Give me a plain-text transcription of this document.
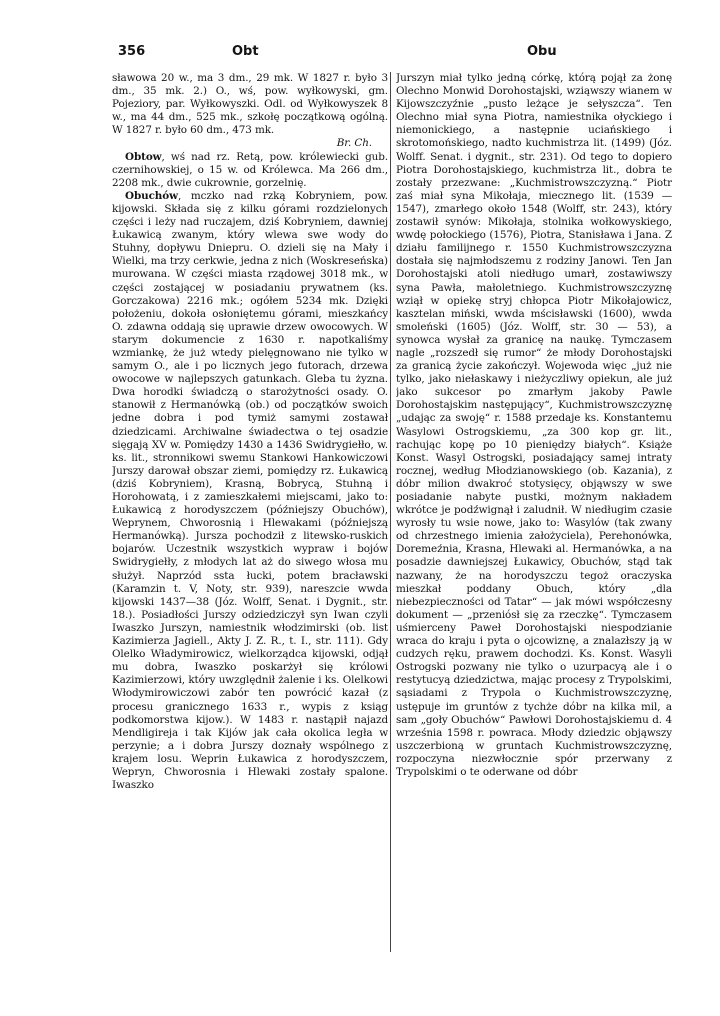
356	Obt	Obu

sławowa 20 w., ma 3 dm., 29 mk. W 1827 r. było 3 dm., 35 mk. 2.) O., wś, pow. wyłkowyski, gm. Pojeziory, par. Wyłkowyszki. Odl. od Wyłkowyszek 8 w., ma 44 dm., 525 mk., szkołę początkową ogólną. W 1827 r. było 60 dm., 473 mk.
Br. Ch.

Obtow, wś nad rz. Retą, pow. królewiecki gub. czernihowskiej, o 15 w. od Królewca. Ma 266 dm., 2208 mk., dwie cukrownie, gorzelnię.

Obuchów, mczko nad rzką Kobryniem, pow. kijowski. Składa się z kilku górami rozdzielonych części i leży nad ruczajem, dziś Kobryniem, dawniej Łukawicą zwanym, który wlewa swe wody do Stuhny, dopływu Dniepru. O. dzieli się na Mały i Wielki, ma trzy cerkwie, jedna z nich (Woskreseńska) murowana. W części miasta rządowej 3018 mk., w części zostającej w posiadaniu prywatnem (ks. Gorczakowa) 2216 mk.; ogółem 5234 mk. Dzięki położeniu, dokoła osłoniętemu górami, mieszkańcy O. zdawna oddają się uprawie drzew owocowych. W starym dokumencie z 1630 r. napotkaliśmy wzmiankę, że już wtedy pielęgnowano nie tylko w samym O., ale i po licznych jego futorach, drzewa owocowe w najlepszych gatunkach. Gleba tu żyzna. Dwa horodki świadczą o starożytności osady. O. stanowił z Hermanówką (ob.) od początków swoich jedne dobra i pod tymiż samymi zostawał dziedzicami. Archiwalne świadectwa o tej osadzie sięgają XV w. Pomiędzy 1430 a 1436 Swidrygiełło, w. ks. lit., stronnikowi swemu Stankowi Hankowiczowi Jurszy darował obszar ziemi, pomiędzy rz. Łukawicą (dziś Kobryniem), Krasną, Bobrycą, Stuhną i Horohowatą, i z zamieszkałemi miejscami, jako to: Łukawicą z horodyszczem (późniejszy Obuchów), Weprynem, Chworosnią i Hlewakami (późniejszą Hermanówką). Jursza pochodził z litewsko-ruskich bojarów. Uczestnik wszystkich wypraw i bojów Swidrygiełły, z młodych lat aż do siwego włosa mu służył. Naprzód ssta łucki, potem bracławski (Karamzin t. V, Noty, str. 939), nareszcie wwda kijowski 1437—38 (Józ. Wolff, Senat. i Dygnit., str. 18.). Posiadłości Jurszy odziedziczył syn Iwan czyli Iwaszko Jurszyn, namiestnik włodzimirski (ob. list Kazimierza Jagiell., Akty J. Z. R., t. I., str. 111). Gdy Olelko Władymirowicz, wielkorządca kijowski, odjął mu dobra, Iwaszko poskarżył się królowi Kazimierzowi, który uwzględnił żalenie i ks. Olelkowi Włodymirowiczowi zabór ten powrócić kazał (z procesu granicznego 1633 r., wypis z ksiąg podkomorstwa kijow.). W 1483 r. nastąpił najazd Mendligireja i tak Kijów jak cała okolica legła w perzynie; a i dobra Jurszy doznały wspólnego z krajem losu. Weprin Łukawica z horodyszczem, Wepryn, Chworosnia i Hlewaki zostały spalone. Iwaszko

Jurszyn miał tylko jedną córkę, którą pojął za żonę Olechno Monwid Dorohostajski, wziąwszy wianem w Kijowszczyźnie „pusto leżące je sełyszcza“. Ten Olechno miał syna Piotra, namiestnika ołyckiego i niemonickiego, a następnie uciańskiego i skrotomońskiego, nadto kuchmistrza lit. (1499) (Józ. Wolff. Senat. i dygnit., str. 231). Od tego to dopiero Piotra Dorohostajskiego, kuchmistrza lit., dobra te zostały przezwane: „Kuchmistrowszczyzną.“ Piotr zaś miał syna Mikołaja, miecznego lit. (1539 — 1547), zmarłego około 1548 (Wolff, str. 243), który zostawił synów: Mikołaja, stolnika wołkowyskiego, wwdę połockiego (1576), Piotra, Stanisława i Jana. Z działu familijnego r. 1550 Kuchmistrowszczyzna dostała się najmłodszemu z rodziny Janowi. Ten Jan Dorohostajski atoli niedługo umarł, zostawiwszy syna Pawła, małoletniego. Kuchmistrowszczyznę wziął w opiekę stryj chłopca Piotr Mikołajowicz, kasztelan miński, wwda mścisławski (1600), wwda smoleński (1605) (Józ. Wolff, str. 30 — 53), a synowca wysłał za granicę na naukę. Tymczasem nagle „rozszedł się rumor“ że młody Dorohostajski za granicą życie zakończył. Wojewoda więc „już nie tylko, jako niełaskawy i nieżyczliwy opiekun, ale już jako sukcesor po zmarłym jakoby Pawle Dorohostajskim następujący“, Kuchmistrowszczyznę „udając za swoję“ r. 1588 przedaje ks. Konstantemu Wasylowi Ostrogskiemu, „za 300 kop gr. lit., rachując kopę po 10 pieniędzy białych“. Książe Konst. Wasyl Ostrogski, posiadający samej intraty rocznej, według Młodzianowskiego (ob. Kazania), z dóbr milion dwakroć stotysięcy, objąwszy w swe posiadanie nabyte pustki, możnym nakładem wkrótce je podźwignął i zaludnił. W niedługim czasie wyrosły tu wsie nowe, jako to: Wasylów (tak zwany od chrzestnego imienia założyciela), Perehonówka, Doremeźnia, Krasna, Hlewaki al. Hermanówka, a na posadzie dawniejszej Łukawicy, Obuchów, stąd tak nazwany, że na horodyszczu tegoż oraczyska mieszkał poddany Obuch, który „dla niebezpieczności od Tatar“ — jak mówi współczesny dokument — „przeniósł się za rzeczkę“. Tymczasem uśmierceny Paweł Dorohostajski niespodzianie wraca do kraju i pyta o ojcowiznę, a znalazłszy ją w cudzych ręku, prawem dochodzi. Ks. Konst. Wasyli Ostrogski pozwany nie tylko o uzurpacyą ale i o restytucyą dziedzictwa, mając procesy z Trypolskimi, sąsiadami z Trypola o Kuchmistrowszczyznę, ustępuje im gruntów z tychże dóbr na kilka mil, a sam „goły Obuchów“ Pawłowi Dorohostajskiemu d. 4 września 1598 r. powraca. Młody dziedzic objąwszy uszczerbioną w gruntach Kuchmistrowszczyznę, rozpoczyna niezwłocznie spór przerwany z Trypolskimi o te oderwane od dóbr
